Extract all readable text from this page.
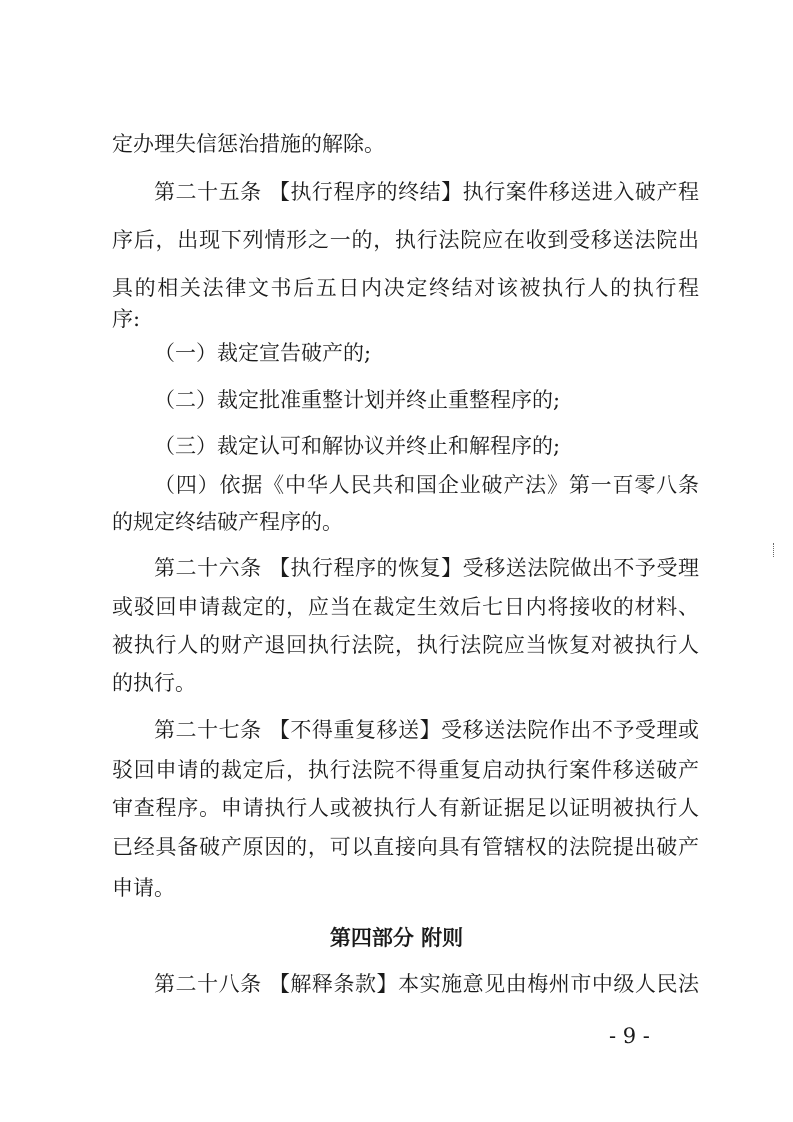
定办理失信惩治措施的解除。

第二十五条 【执行程序的终结】执行案件移送进入破产程

序后，出现下列情形之一的，执行法院应在收到受移送法院出

具的相关法律文书后五日内决定终结对该被执行人的执行程

序:

（一）裁定宣告破产的;

（二）裁定批准重整计划并终止重整程序的;

（三）裁定认可和解协议并终止和解程序的;

（四）依据《中华人民共和国企业破产法》第一百零八条

的规定终结破产程序的。

第二十六条 【执行程序的恢复】受移送法院做出不予受理

或驳回申请裁定的，应当在裁定生效后七日内将接收的材料、

被执行人的财产退回执行法院，执行法院应当恢复对被执行人

的执行。

第二十七条 【不得重复移送】受移送法院作出不予受理或

驳回申请的裁定后，执行法院不得重复启动执行案件移送破产

审查程序。申请执行人或被执行人有新证据足以证明被执行人

已经具备破产原因的，可以直接向具有管辖权的法院提出破产

申请。

第四部分 附则

第二十八条 【解释条款】本实施意见由梅州市中级人民法

- 9 -
